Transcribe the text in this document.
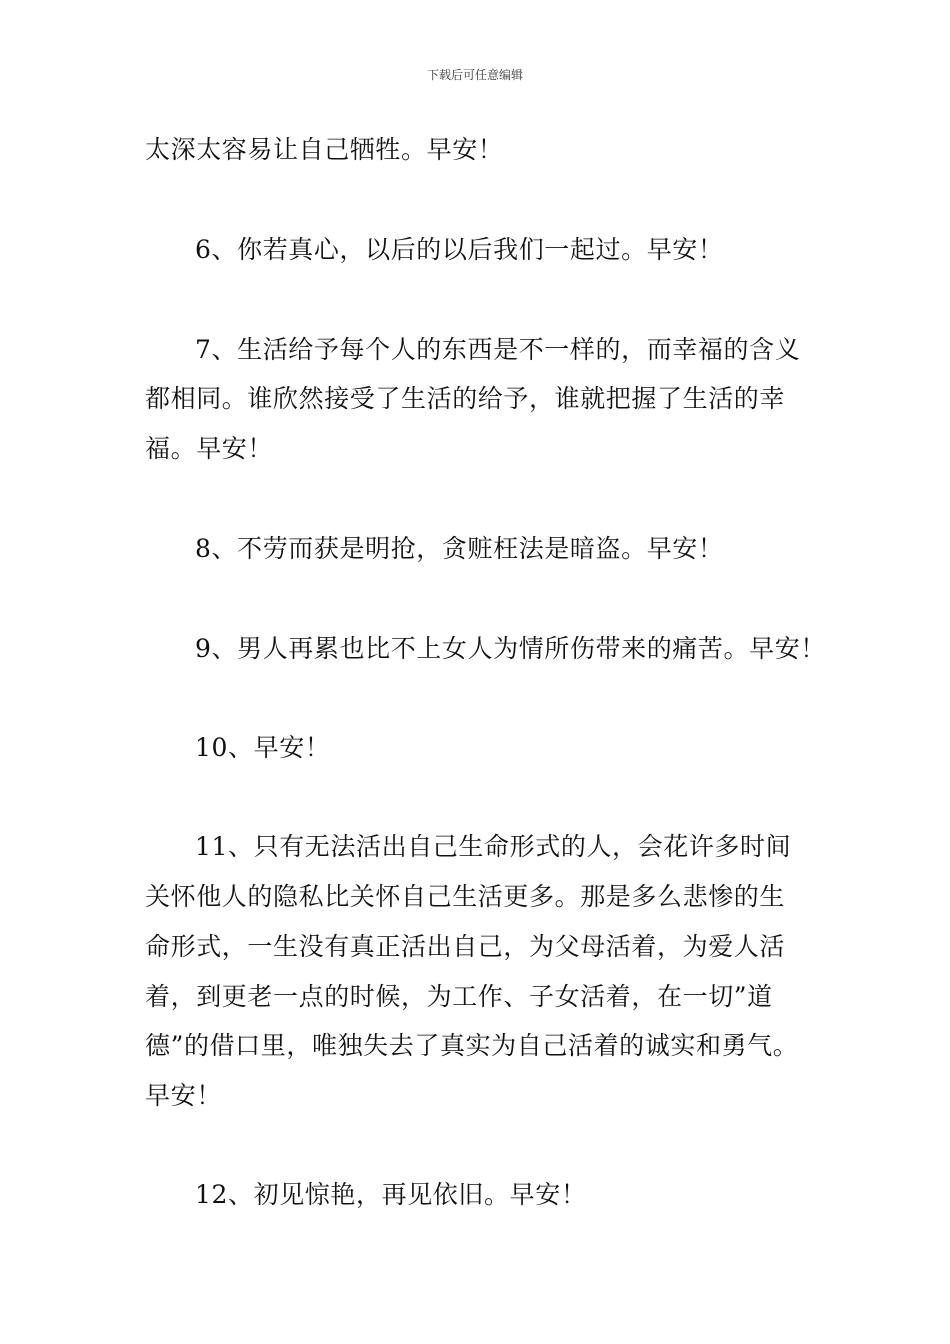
下载后可任意编辑
太深太容易让自己牺牲。早安！
6、你若真心，以后的以后我们一起过。早安！
7、生活给予每个人的东西是不一样的，而幸福的含义
都相同。谁欣然接受了生活的给予，谁就把握了生活的幸
福。早安！
8、不劳而获是明抢，贪赃枉法是暗盗。早安！
9、男人再累也比不上女人为情所伤带来的痛苦。早安！
10、早安！
11、只有无法活出自己生命形式的人，会花许多时间
关怀他人的隐私比关怀自己生活更多。那是多么悲惨的生
命形式，一生没有真正活出自己，为父母活着，为爱人活
着，到更老一点的时候，为工作、子女活着，在一切”道
德”的借口里，唯独失去了真实为自己活着的诚实和勇气。
早安！
12、初见惊艳，再见依旧。早安！
